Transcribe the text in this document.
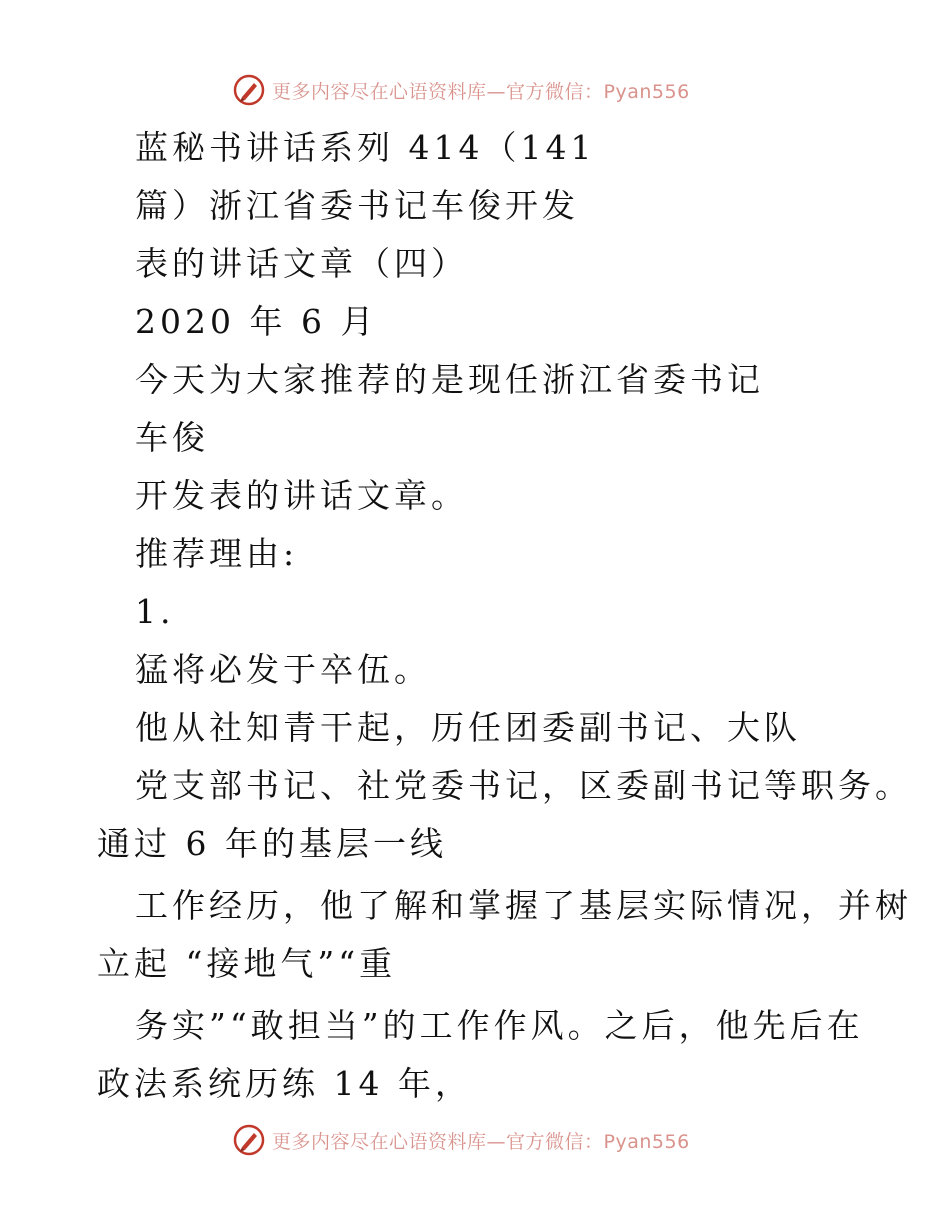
更多内容尽在心语资料库—官方微信：Pyan556
蓝秘书讲话系列 414（141
篇）浙江省委书记车俊开发
表的讲话文章（四）
2020 年 6 月
今天为大家推荐的是现任浙江省委书记
车俊
开发表的讲话文章。
推荐理由:
1.
猛将必发于卒伍。
他从社知青干起，历任团委副书记、大队
党支部书记、社党委书记，区委副书记等职务。
通过 6 年的基层一线
工作经历，他了解和掌握了基层实际情况，并树
立起 “接地气”“重
务实”“敢担当”的工作作风。之后，他先后在
政法系统历练 14 年，
更多内容尽在心语资料库—官方微信：Pyan556
